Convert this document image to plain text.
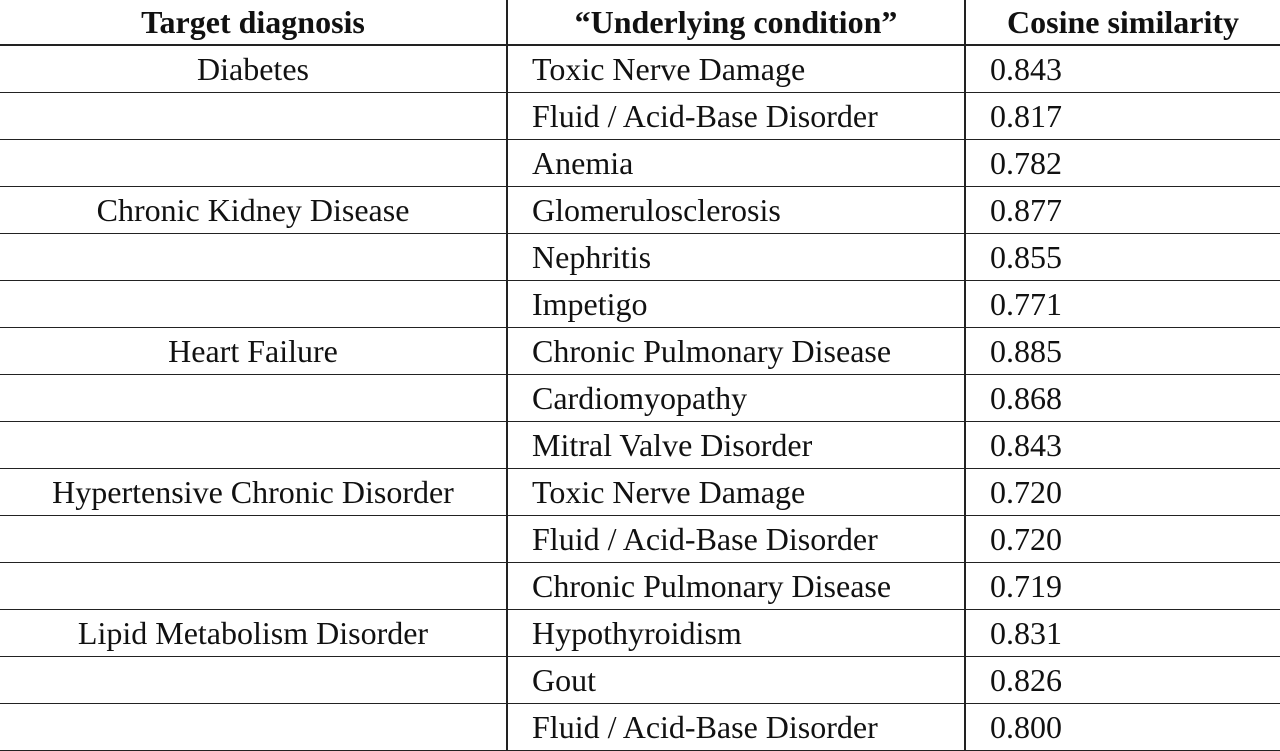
Target diagnosis	“Underlying condition”	Cosine similarity
Diabetes	Toxic Nerve Damage	0.843
	Fluid / Acid-Base Disorder	0.817
	Anemia	0.782
Chronic Kidney Disease	Glomerulosclerosis	0.877
	Nephritis	0.855
	Impetigo	0.771
Heart Failure	Chronic Pulmonary Disease	0.885
	Cardiomyopathy	0.868
	Mitral Valve Disorder	0.843
Hypertensive Chronic Disorder	Toxic Nerve Damage	0.720
	Fluid / Acid-Base Disorder	0.720
	Chronic Pulmonary Disease	0.719
Lipid Metabolism Disorder	Hypothyroidism	0.831
	Gout	0.826
	Fluid / Acid-Base Disorder	0.800
